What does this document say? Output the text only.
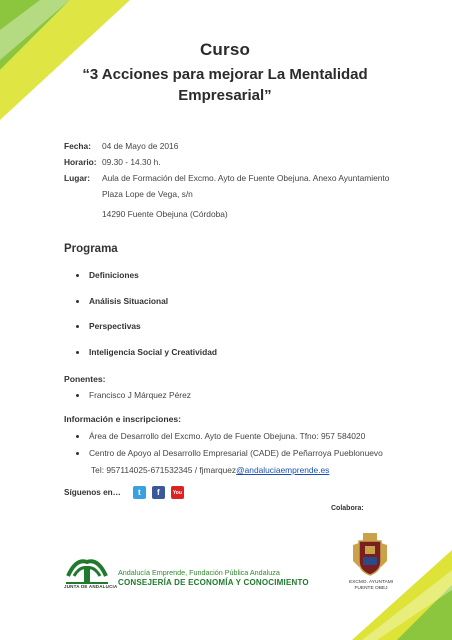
Curso
“3 Acciones para mejorar La Mentalidad
Empresarial”
Fecha:	04 de Mayo de 2016
Horario: 09.30 - 14.30 h.
Lugar:	Aula de Formación del Excmo. Ayto de Fuente Obejuna. Anexo Ayuntamiento
Plaza Lope de Vega, s/n
14290 Fuente Obejuna (Córdoba)
Programa
Definiciones
Análisis Situacional
Perspectivas
Inteligencia Social y Creatividad
Ponentes:
Francisco J Márquez Pérez
Información e inscripciones:
Área de Desarrollo del Excmo. Ayto de Fuente Obejuna. Tfno: 957 584020
Centro de Apoyo al Desarrollo Empresarial (CADE) de Peñarroya Pueblonuevo
Tel: 957114025-671532345 / fjmarquez@andaluciaemprende.es
Síguenos en…	t	f	You
Colabora:
JUNTA DE ANDALUCIA
Andalucía Emprende, Fundación Pública Andaluza
CONSEJERÍA DE ECONOMÍA Y CONOCIMIENTO	EXCMO. AYUNTAMI
FUENTE OBEJ
